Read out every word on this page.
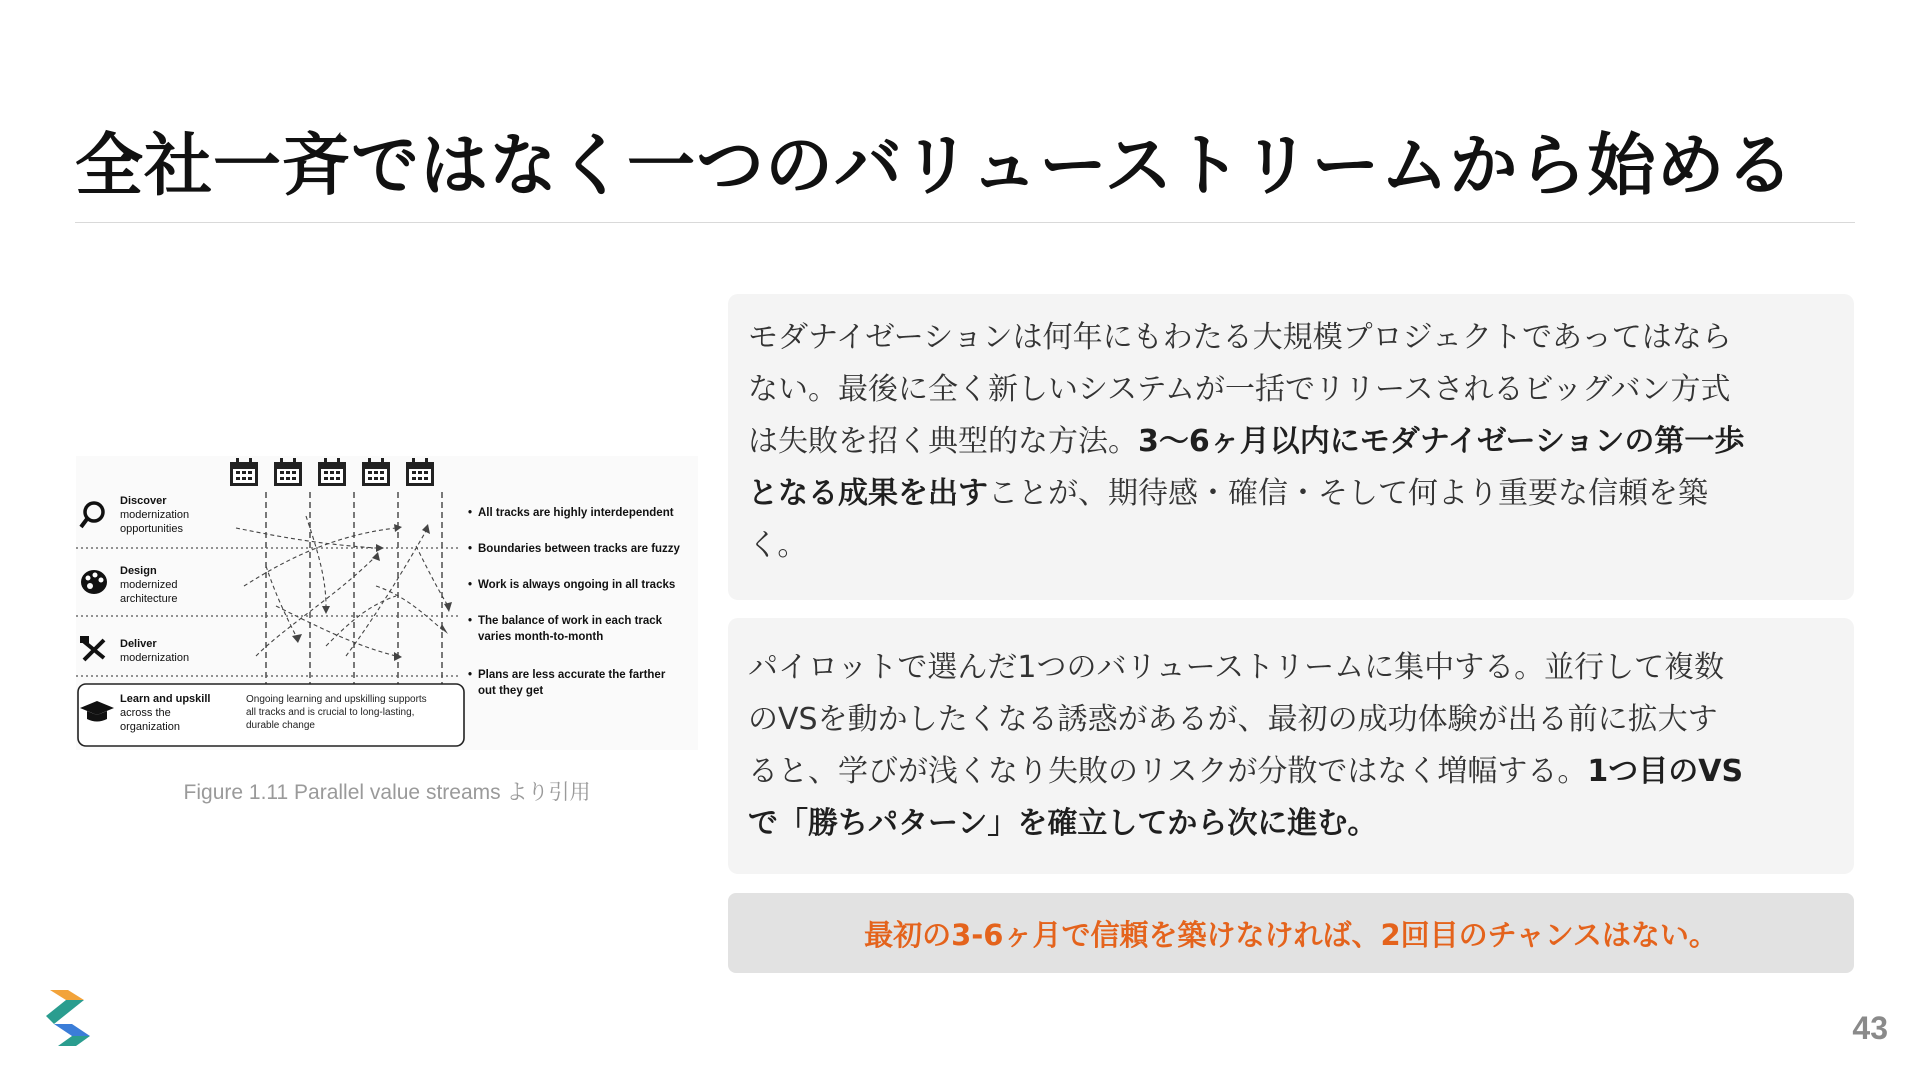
全社一斉ではなく一つのバリューストリームから始める
Discover
modernization
opportunities
Design
modernized
architecture
Deliver
modernization
Learn and upskill
across the
organization
Ongoing learning and upskilling supports
all tracks and is crucial to long-lasting,
durable change
• All tracks are highly interdependent
• Boundaries between tracks are fuzzy
• Work is always ongoing in all tracks
• The balance of work in each track
varies month-to-month
• Plans are less accurate the farther
out they get
Figure 1.11 Parallel value streams より引用
モダナイゼーションは何年にもわたる大規模プロジェクトであってはなら
ない。最後に全く新しいシステムが一括でリリースされるビッグバン方式
は失敗を招く典型的な方法。3〜6ヶ月以内にモダナイゼーションの第一歩
となる成果を出すことが、期待感・確信・そして何より重要な信頼を築
く。
パイロットで選んだ1つのバリューストリームに集中する。並行して複数
のVSを動かしたくなる誘惑があるが、最初の成功体験が出る前に拡大す
ると、学びが浅くなり失敗のリスクが分散ではなく増幅する。1つ目のVS
で「勝ちパターン」を確立してから次に進む。
最初の3-6ヶ月で信頼を築けなければ、2回目のチャンスはない。
43
